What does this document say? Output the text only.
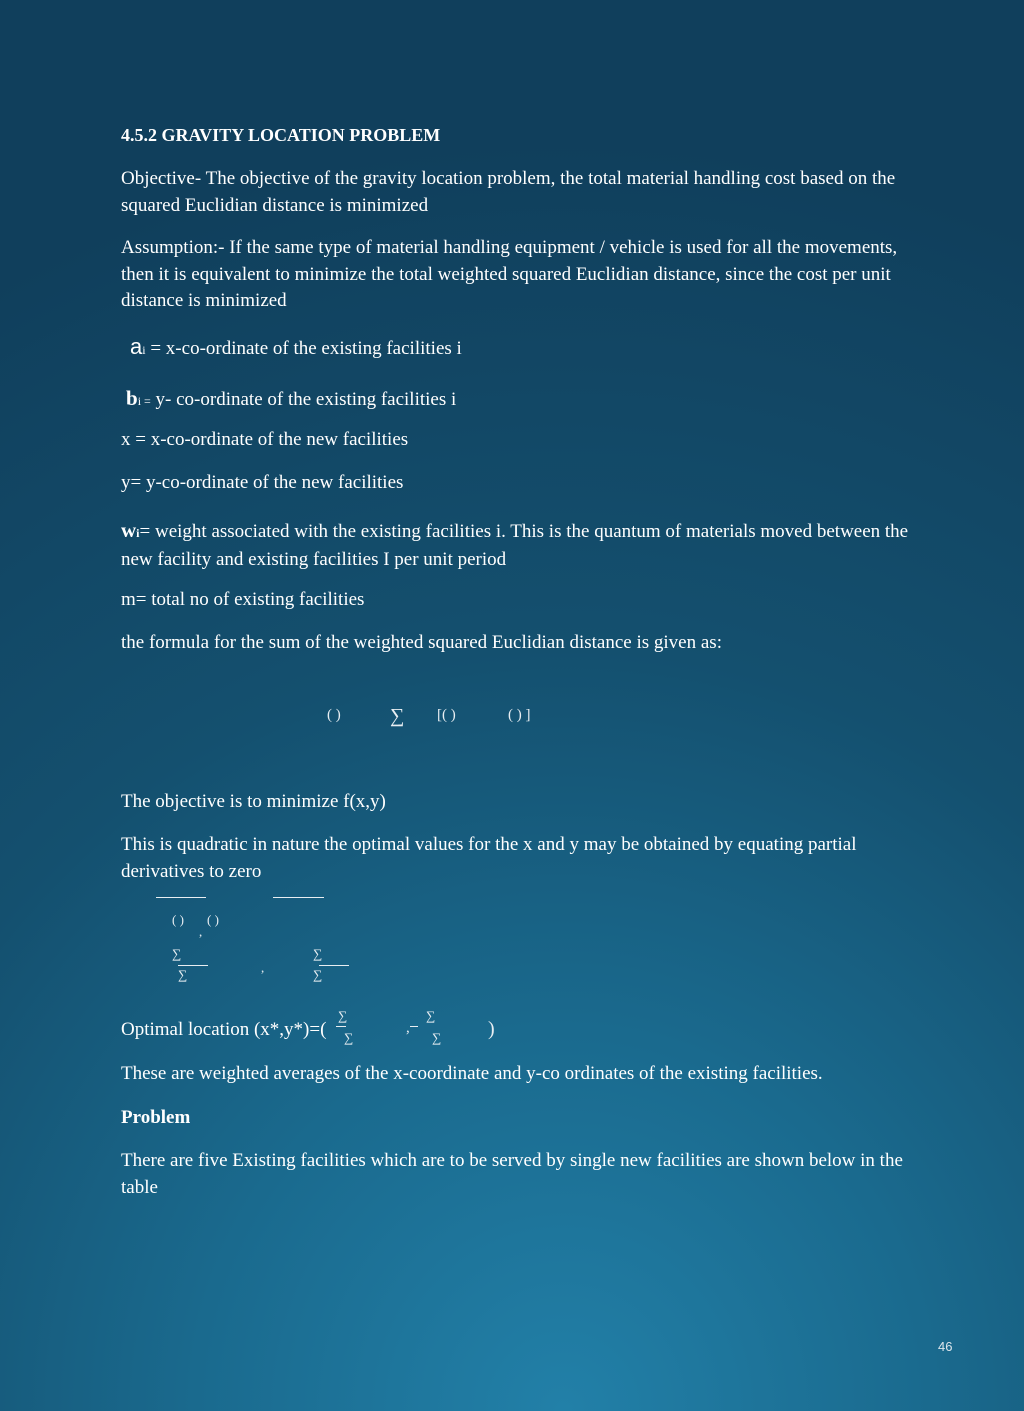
4.5.2 GRAVITY LOCATION PROBLEM

Objective- The objective of the gravity location problem, the total material handling cost based on the squared Euclidian distance is minimized

Assumption:- If the same type of material handling equipment / vehicle is used for all the movements, then it is equivalent to minimize the total weighted squared Euclidian distance, since the cost per unit distance is minimized

ai = x-co-ordinate of the existing facilities i
bi = y- co-ordinate of the existing facilities i
x = x-co-ordinate of the new facilities
y= y-co-ordinate of the new facilities

wi= weight associated with the existing facilities i. This is the quantum of materials moved between the new facility and existing facilities I per unit period

m= total no of existing facilities
the formula for the sum of the weighted squared Euclidian distance is given as:
( ) ∑ [( )	( ) ]
The objective is to minimize f(x,y)

This is quadratic in nature the optimal values for the x and y may be obtained by equating partial derivatives to zero

( ) ( )
,
∑
∑	,
∑
∑
Optimal location (x*,y*)=(
∑
∑
,
∑
∑ )
These are weighted averages of the x-coordinate and y-co ordinates of the existing facilities.
Problem

There are five Existing facilities which are to be served by single new facilities are shown below in the table

46
